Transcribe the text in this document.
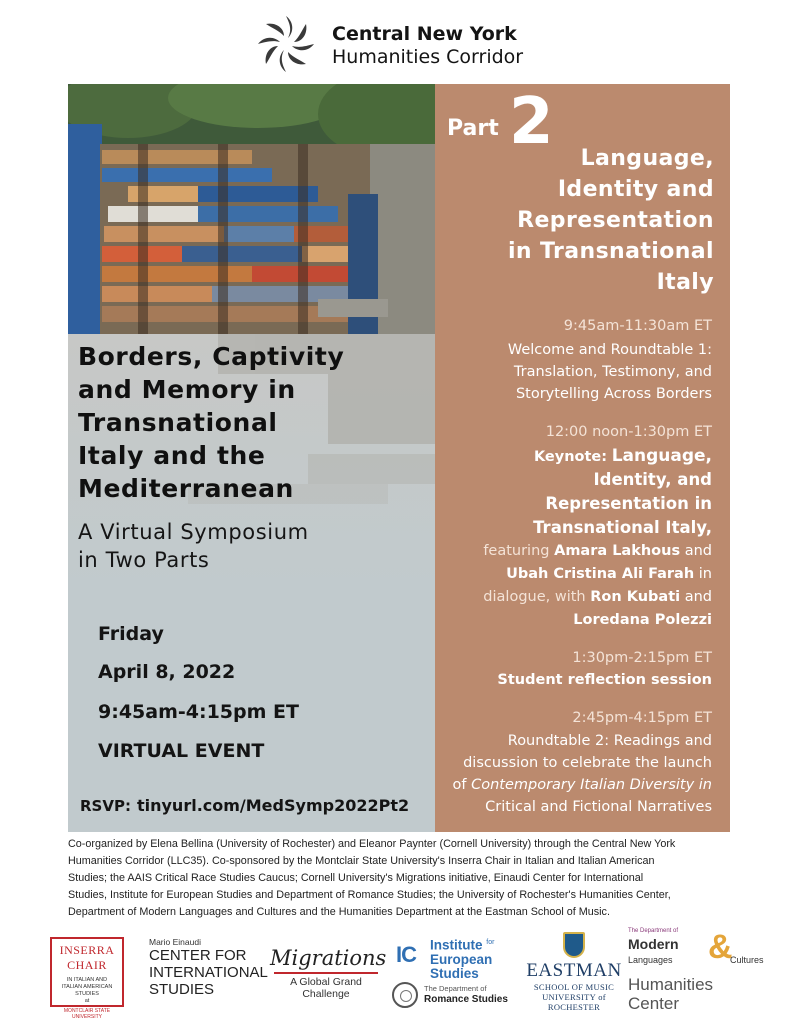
Central New York
Humanities Corridor
Borders, Captivity
and Memory in
Transnational
Italy and the
Mediterranean
A Virtual Symposium
in Two Parts
Friday
April 8, 2022
9:45am-4:15pm ET
VIRTUAL EVENT
RSVP: tinyurl.com/MedSymp2022Pt2
Part 2 Language,
Identity and
Representation
in Transnational
Italy
9:45am-11:30am ET
Welcome and Roundtable 1:
Translation, Testimony, and
Storytelling Across Borders
12:00 noon-1:30pm ET
Keynote: Language,
Identity, and
Representation in
Transnational Italy,
featuring Amara Lakhous and
Ubah Cristina Ali Farah in
dialogue, with Ron Kubati and
Loredana Polezzi
1:30pm-2:15pm ET
Student reflection session
2:45pm-4:15pm ET
Roundtable 2: Readings and
discussion to celebrate the launch
of Contemporary Italian Diversity in
Critical and Fictional Narratives
Co-organized by Elena Bellina (University of Rochester) and Eleanor Paynter (Cornell University) through the Central New York
Humanities Corridor (LLC35). Co-sponsored by the Montclair State University's Inserra Chair in Italian and Italian American
Studies; the AAIS Critical Race Studies Caucus; Cornell University's Migrations initiative, Einaudi Center for International
Studies, Institute for European Studies and Department of Romance Studies; the University of Rochester's Humanities Center,
Department of Modern Languages and Cultures and the Humanities Department at the Eastman School of Music.
INSERRA CHAIR
IN ITALIAN AND
ITALIAN AMERICAN STUDIES
at
MONTCLAIR STATE
UNIVERSITY
Mario Einaudi
CENTER FOR
INTERNATIONAL
STUDIES
Migrations
A Global Grand Challenge
IC Institute $^{for}$
European
Studies
The Department of
Romance Studies
EASTMAN
SCHOOL OF MUSIC
UNIVERSITY of ROCHESTER
The Department of
Modern &
Languages	Cultures
Humanities
Center
